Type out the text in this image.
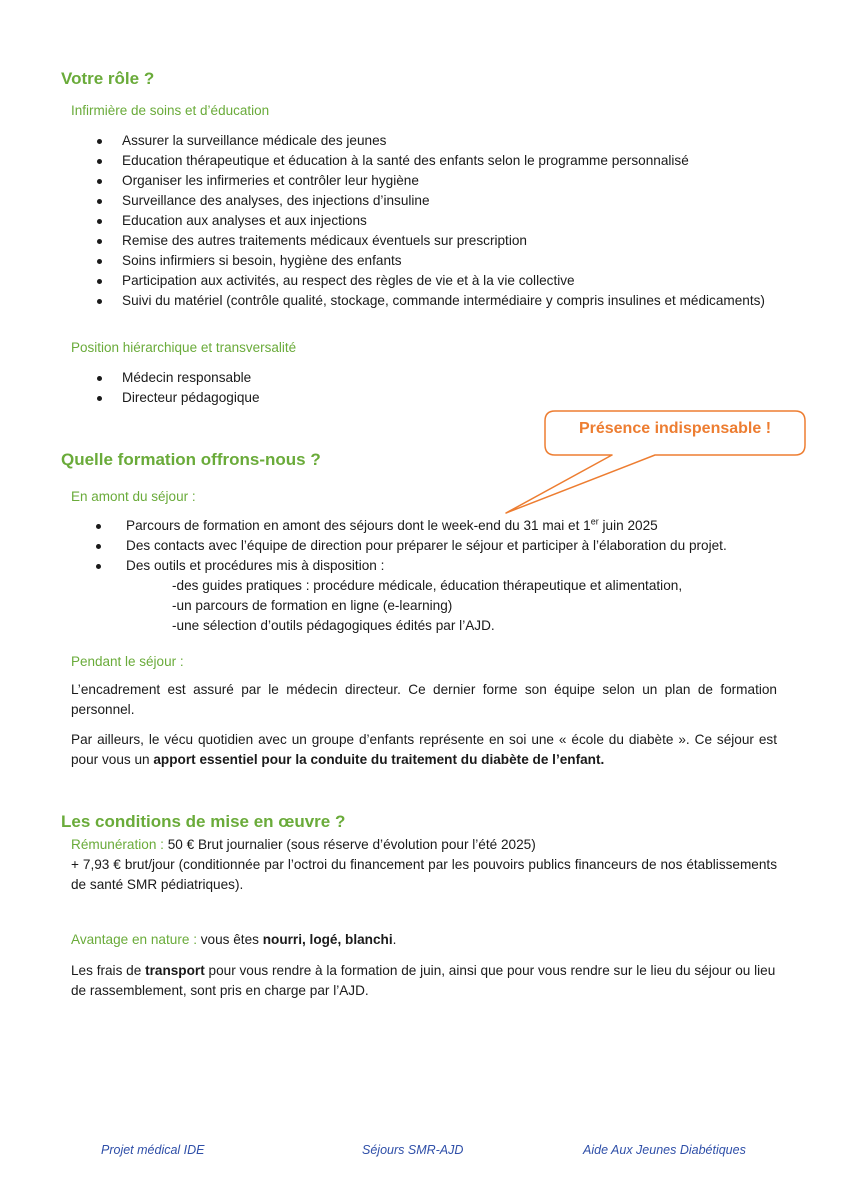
Votre rôle ?
Infirmière de soins et d’éducation
Assurer la surveillance médicale des jeunes
Education thérapeutique et éducation à la santé des enfants selon le programme personnalisé
Organiser les infirmeries et contrôler leur hygiène
Surveillance des analyses, des injections d’insuline
Education aux analyses et aux injections
Remise des autres traitements médicaux éventuels sur prescription
Soins infirmiers si besoin, hygiène des enfants
Participation aux activités, au respect des règles de vie et à la vie collective
Suivi du matériel (contrôle qualité, stockage, commande intermédiaire y compris insulines et médicaments)
Position hiérarchique et transversalité
Médecin responsable
Directeur pédagogique
Présence indispensable !
Quelle formation offrons-nous ?
En amont du séjour :
Parcours de formation en amont des séjours dont le week-end du 31 mai et 1er juin 2025
Des contacts avec l’équipe de direction pour préparer le séjour et participer à l’élaboration du projet.
Des outils et procédures mis à disposition :
-des guides pratiques : procédure médicale, éducation thérapeutique et alimentation,
-un parcours de formation en ligne (e-learning)
-une sélection d’outils pédagogiques édités par l’AJD.
Pendant le séjour :
L’encadrement est assuré par le médecin directeur. Ce dernier forme son équipe selon un plan de formation personnel.
Par ailleurs, le vécu quotidien avec un groupe d’enfants représente en soi une « école du diabète ». Ce séjour est pour vous un apport essentiel pour la conduite du traitement du diabète de l’enfant.
Les conditions de mise en œuvre ?
Rémunération : 50 € Brut journalier (sous réserve d’évolution pour l’été 2025)
+ 7,93 € brut/jour (conditionnée par l’octroi du financement par les pouvoirs publics financeurs de nos établissements de santé SMR pédiatriques).
Avantage en nature : vous êtes nourri, logé, blanchi.
Les frais de transport pour vous rendre à la formation de juin, ainsi que pour vous rendre sur le lieu du séjour ou lieu de rassemblement, sont pris en charge par l’AJD.
Projet médical IDE	Séjours SMR-AJD	Aide Aux Jeunes Diabétiques
